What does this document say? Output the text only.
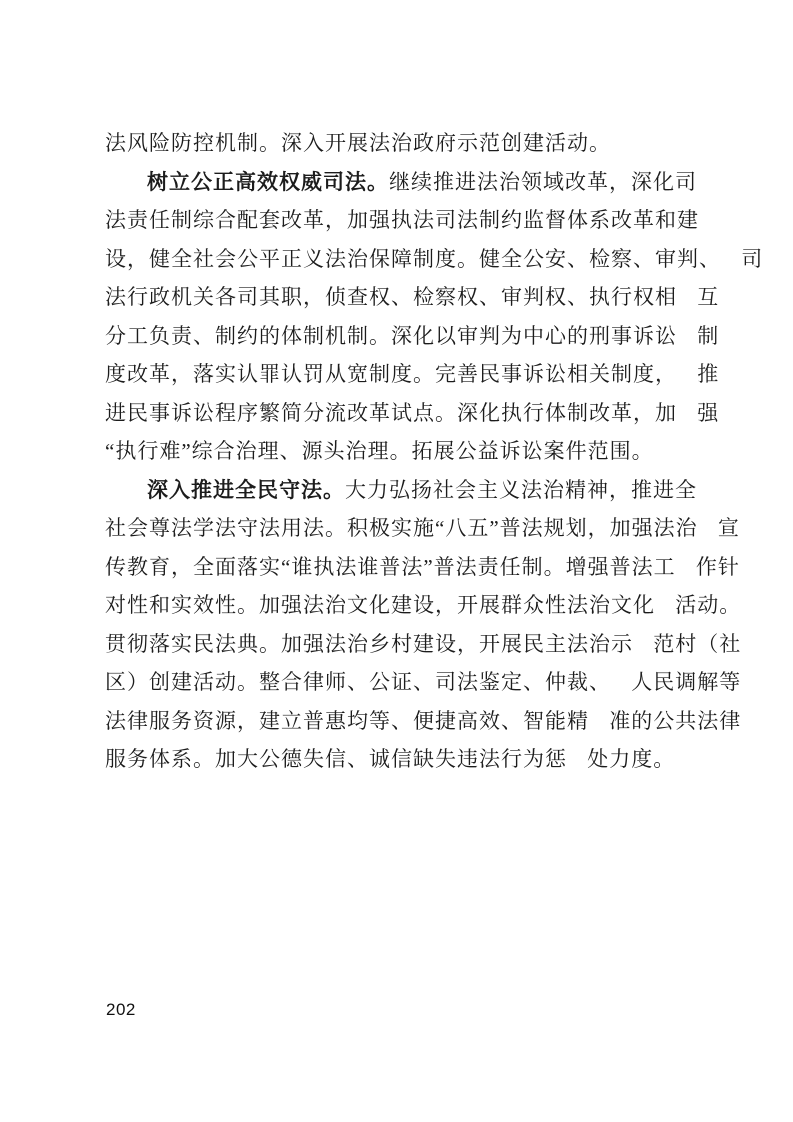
法风险防控机制。深入开展法治政府示范创建活动。
树立公正高效权威司法。继续推进法治领域改革，深化司
法责任制综合配套改革，加强执法司法制约监督体系改革和建
设，健全社会公平正义法治保障制度。健全公安、检察、审判、 司
法行政机关各司其职，侦查权、检察权、审判权、执行权相 互
分工负责、制约的体制机制。深化以审判为中心的刑事诉讼 制
度改革，落实认罪认罚从宽制度。完善民事诉讼相关制度， 推
进民事诉讼程序繁简分流改革试点。深化执行体制改革，加 强
“执行难”综合治理、源头治理。拓展公益诉讼案件范围。
深入推进全民守法。大力弘扬社会主义法治精神，推进全
社会尊法学法守法用法。积极实施“八五”普法规划，加强法治 宣
传教育，全面落实“谁执法谁普法”普法责任制。增强普法工 作针
对性和实效性。加强法治文化建设，开展群众性法治文化 活动。
贯彻落实民法典。加强法治乡村建设，开展民主法治示 范村（社
区）创建活动。整合律师、公证、司法鉴定、仲裁、 人民调解等
法律服务资源，建立普惠均等、便捷高效、智能精 准的公共法律
服务体系。加大公德失信、诚信缺失违法行为惩 处力度。
202
